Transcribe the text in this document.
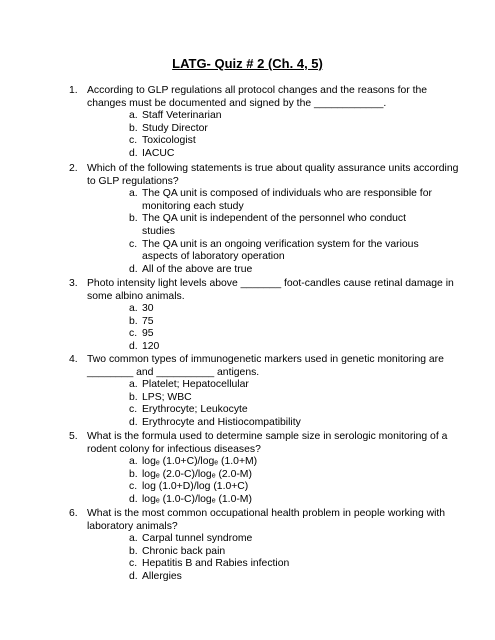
LATG- Quiz # 2 (Ch. 4, 5)
1. According to GLP regulations all protocol changes and the reasons for the changes must be documented and signed by the ____________.
a. Staff Veterinarian
b. Study Director
c. Toxicologist
d. IACUC
2. Which of the following statements is true about quality assurance units according to GLP regulations?
a. The QA unit is composed of individuals who are responsible for monitoring each study
b. The QA unit is independent of the personnel who conduct studies
c. The QA unit is an ongoing verification system for the various aspects of laboratory operation
d. All of the above are true
3. Photo intensity light levels above _______ foot-candles cause retinal damage in some albino animals.
a. 30
b. 75
c. 95
d. 120
4. Two common types of immunogenetic markers used in genetic monitoring are ________ and __________ antigens.
a. Platelet; Hepatocellular
b. LPS; WBC
c. Erythrocyte; Leukocyte
d. Erythrocyte and Histiocompatibility
5. What is the formula used to determine sample size in serologic monitoring of a rodent colony for infectious diseases?
a. logₑ (1.0+C)/logₑ (1.0+M)
b. logₑ (2.0-C)/logₑ (2.0-M)
c. log (1.0+D)/log (1.0+C)
d. logₑ (1.0-C)/logₑ (1.0-M)
6. What is the most common occupational health problem in people working with laboratory animals?
a. Carpal tunnel syndrome
b. Chronic back pain
c. Hepatitis B and Rabies infection
d. Allergies
